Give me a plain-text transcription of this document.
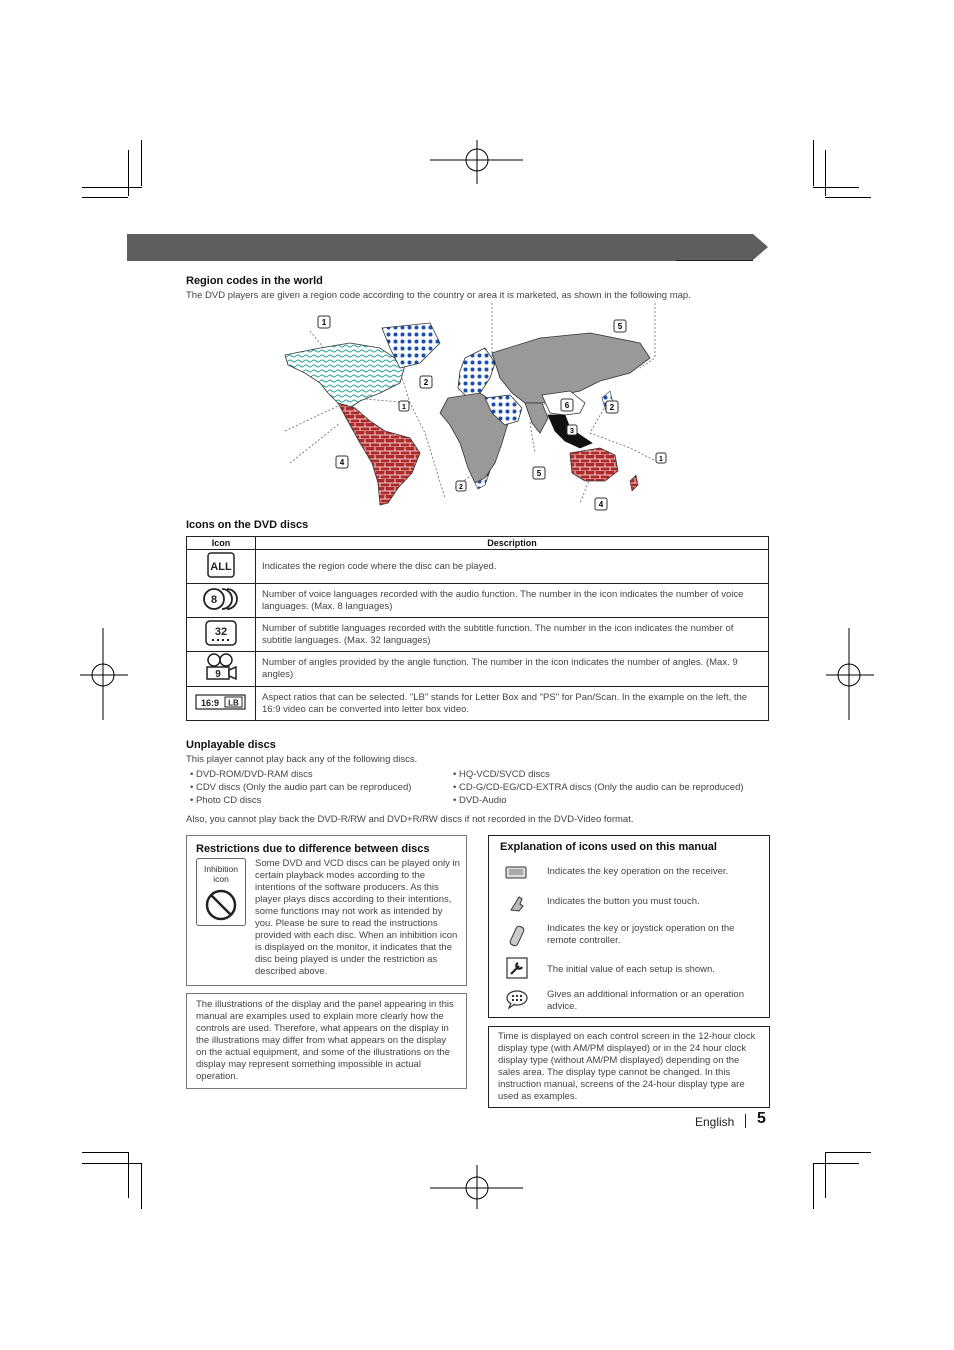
Region codes in the world
The DVD players are given a region code according to the country or area it is marketed, as shown in the following map.
1	5
2
1	6
3
2
4
5
2
4
1
Icons on the DVD discs
Icon	Description

ALL	Indicates the region code where the disc can be played.

8	Number of voice languages recorded with the audio function. The number in the icon indicates the number of voice languages. (Max. 8 languages)

32	Number of subtitle languages recorded with the subtitle function. The number in the icon indicates the number of subtitle languages. (Max. 32 languages)

9	Number of angles provided by the angle function. The number in the icon indicates the number of angles. (Max. 9 angles)

16:9 LB	Aspect ratios that can be selected. "LB" stands for Letter Box and "PS" for Pan/Scan. In the example on the left, the 16:9 video can be converted into letter box video.
Unplayable discs
This player cannot play back any of the following discs.
• DVD-ROM/DVD-RAM discs
• CDV discs (Only the audio part can be reproduced)
• Photo CD discs
• HQ-VCD/SVCD discs
• CD-G/CD-EG/CD-EXTRA discs (Only the audio can be reproduced)
• DVD-Audio
Also, you cannot play back the DVD-R/RW and DVD+R/RW discs if not recorded in the DVD-Video format.
Restrictions due to difference between discs
Inhibition icon
Some DVD and VCD discs can be played only in certain playback modes according to the intentions of the software producers. As this player plays discs according to their intentions, some functions may not work as intended by you. Please be sure to read the instructions provided with each disc. When an inhibition icon is displayed on the monitor, it indicates that the disc being played is under the restriction as described above.
The illustrations of the display and the panel appearing in this manual are examples used to explain more clearly how the controls are used. Therefore, what appears on the display in the illustrations may differ from what appears on the display on the actual equipment, and some of the illustrations on the display may represent something impossible in actual operation.
Explanation of icons used on this manual
Indicates the key operation on the receiver.
Indicates the button you must touch.
Indicates the key or joystick operation on the remote controller.
The initial value of each setup is shown.
Gives an additional information or an operation advice.
Time is displayed on each control screen in the 12-hour clock display type (with AM/PM displayed) or in the 24 hour clock display type (without AM/PM displayed) depending on the sales area. The display type cannot be changed. In this instruction manual, screens of the 24-hour display type are used as examples.
English 5
